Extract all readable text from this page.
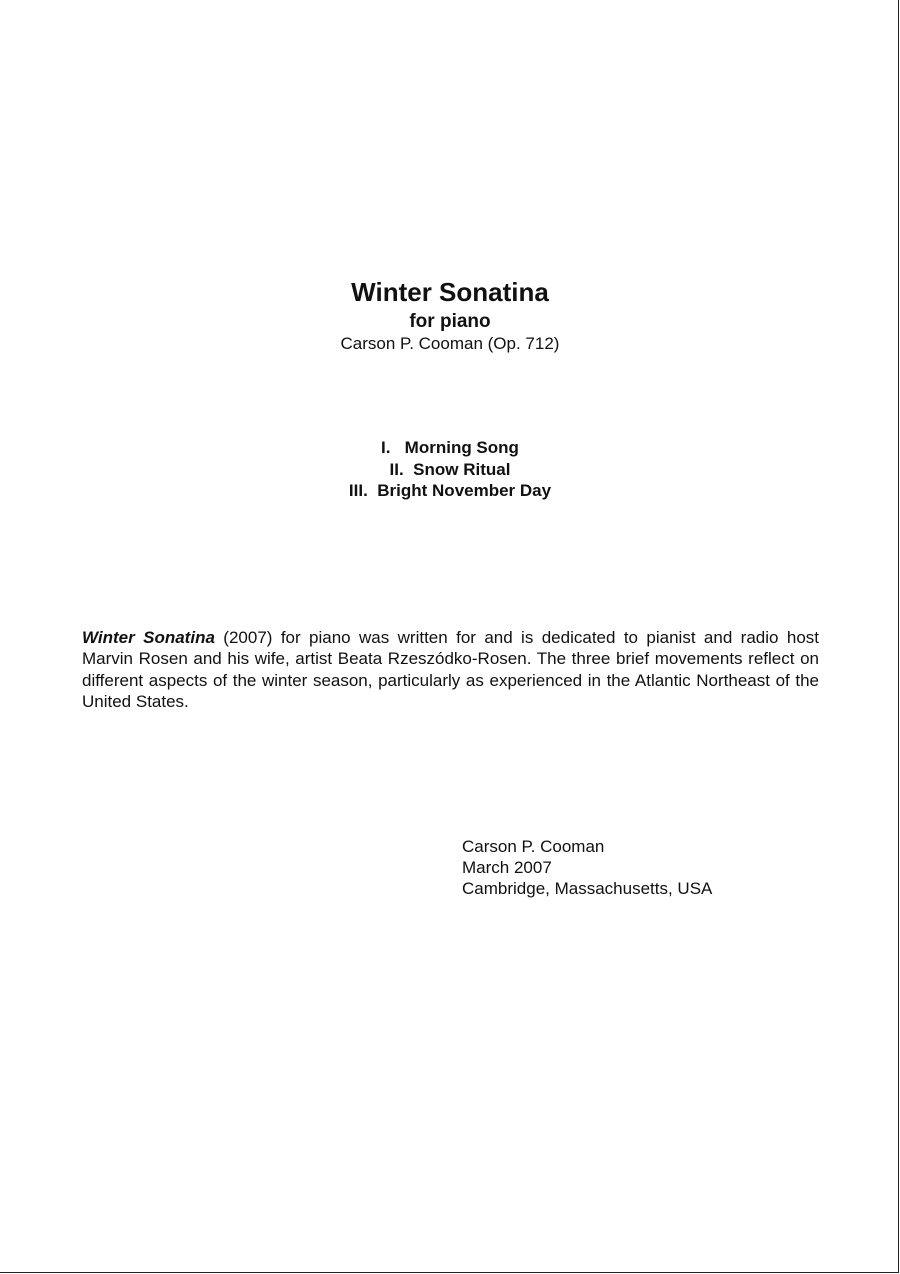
Winter Sonatina
for piano
Carson P. Cooman (Op. 712)
I.
Morning Song
II.
Snow Ritual
III.
Bright November Day

Winter Sonatina (2007) for piano was written for and is dedicated to pianist and radio host Marvin Rosen and his wife, artist Beata Rzeszódko-Rosen. The three brief movements reflect on different aspects of the winter season, particularly as experienced in the Atlantic Northeast of the United States.

Carson P. Cooman
March 2007
Cambridge, Massachusetts, USA
